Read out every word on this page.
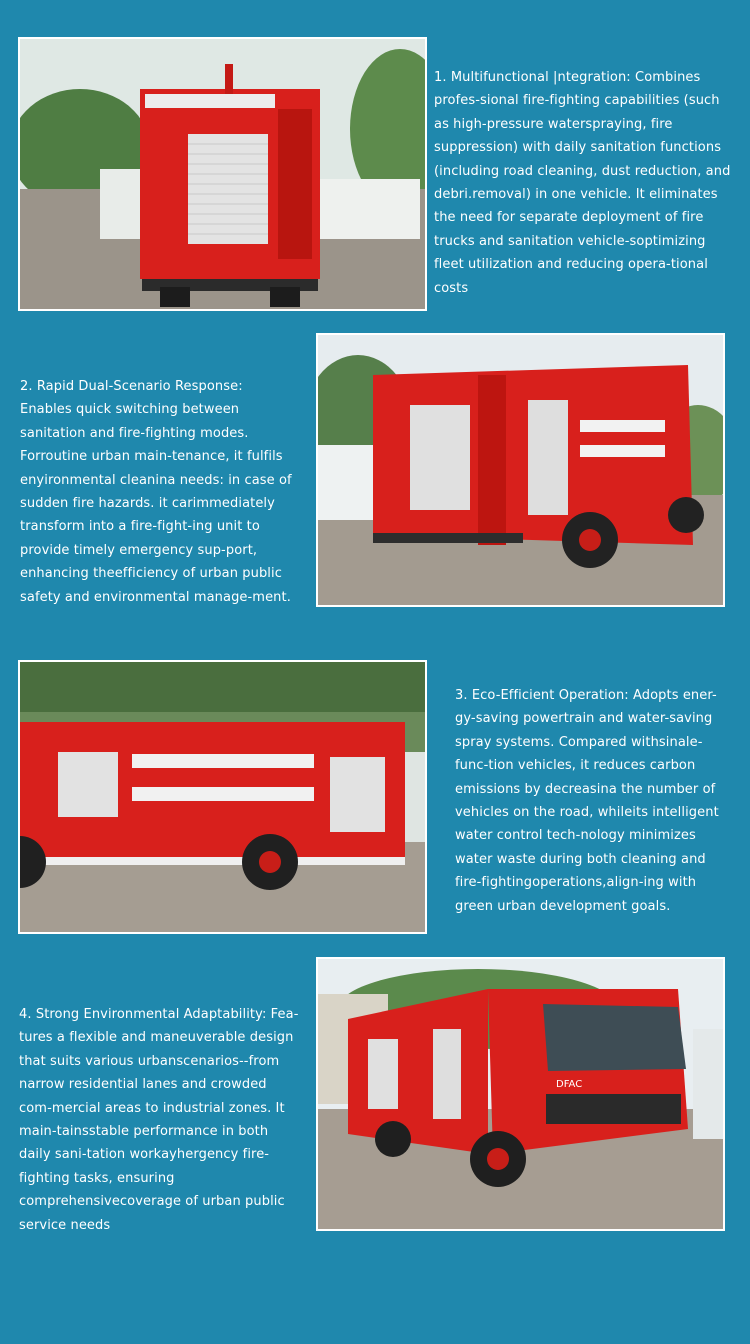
1. Multifunctional |ntegration: Combines profes-sional fire-fighting capabilities (such as high-pressure waterspraying, fire suppression) with daily sanitation functions (including road cleaning, dust reduction, and debri.removal) in one vehicle. It eliminates the need for separate deployment of fire trucks and sanitation vehicle-soptimizing fleet utilization and reducing opera-tional costs
2. Rapid Dual-Scenario Response: Enables quick switching between sanitation and fire-fighting modes. Forroutine urban main-tenance, it fulfils enyironmental cleanina needs: in case of sudden fire hazards. it carimmediately transform into a fire-fight-ing unit to provide timely emergency sup-port, enhancing theefficiency of urban public safety and environmental manage-ment.
3. Eco-Efficient Operation: Adopts ener-gy-saving powertrain and water-saving spray systems. Compared withsinale-func-tion vehicles, it reduces carbon emissions by decreasina the number of vehicles on the road, whileits intelligent water control tech-nology minimizes water waste during both cleaning and fire-fightingoperations,align-ing with green urban development goals.
4. Strong Environmental Adaptability: Fea-tures a flexible and maneuverable design that suits various urbanscenarios--from narrow residential lanes and crowded com-mercial areas to industrial zones. It main-tainsstable performance in both daily sani-tation workayhergency fire-fighting tasks, ensuring comprehensivecoverage of urban public service needs
DFAC
